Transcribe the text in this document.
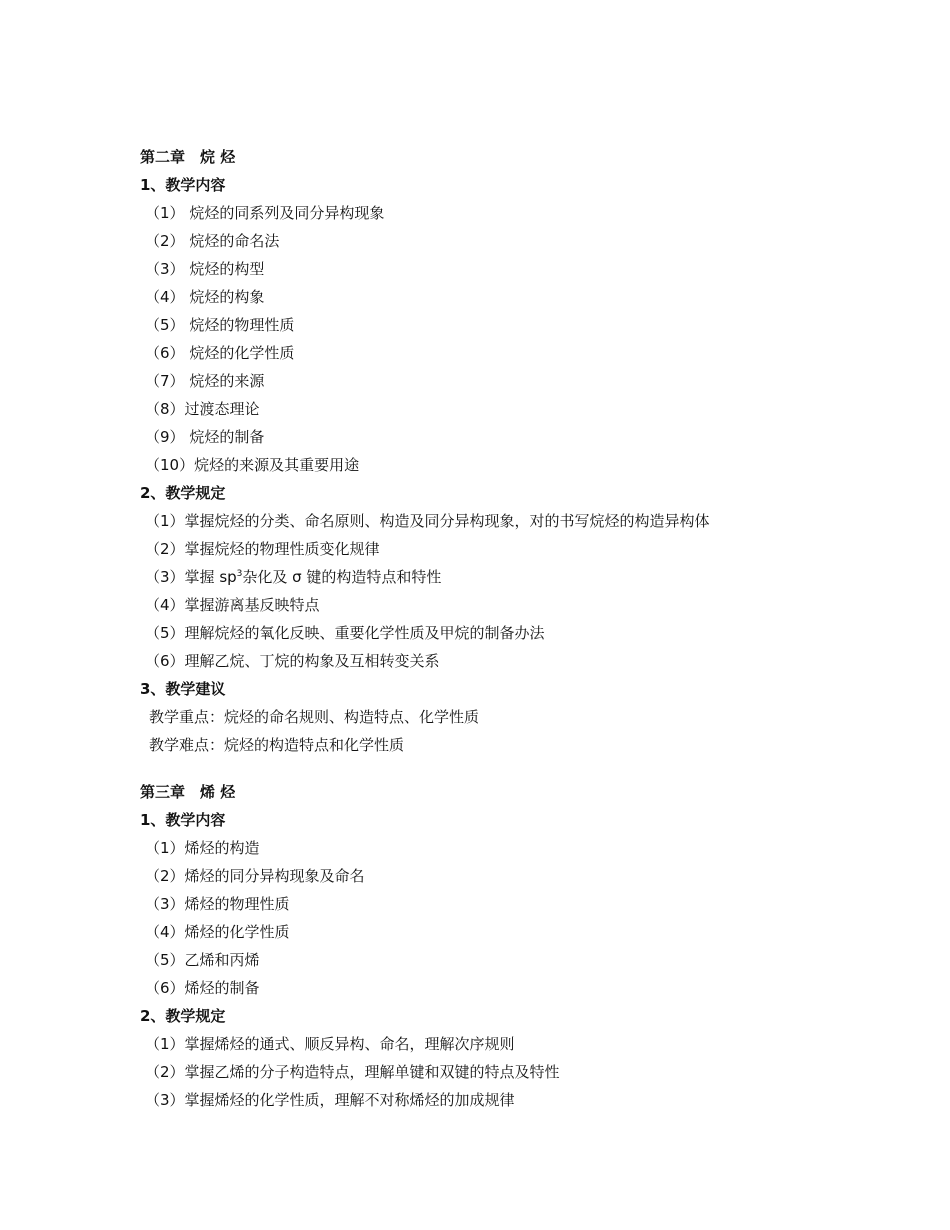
第二章　烷 烃
1、教学内容
（1） 烷烃的同系列及同分异构现象
（2） 烷烃的命名法
（3） 烷烃的构型
（4） 烷烃的构象
（5） 烷烃的物理性质
（6） 烷烃的化学性质
（7） 烷烃的来源
（8）过渡态理论
（9） 烷烃的制备
（10）烷烃的来源及其重要用途
2、教学规定
（1）掌握烷烃的分类、命名原则、构造及同分异构现象，对的书写烷烃的构造异构体
（2）掌握烷烃的物理性质变化规律
（3）掌握 $sp^3$杂化及 σ 键的构造特点和特性
（4）掌握游离基反映特点
（5）理解烷烃的氧化反映、重要化学性质及甲烷的制备办法
（6）理解乙烷、丁烷的构象及互相转变关系
3、教学建议
教学重点：烷烃的命名规则、构造特点、化学性质
教学难点：烷烃的构造特点和化学性质
第三章　烯 烃
1、教学内容
（1）烯烃的构造
（2）烯烃的同分异构现象及命名
（3）烯烃的物理性质
（4）烯烃的化学性质
（5）乙烯和丙烯
（6）烯烃的制备
2、教学规定
（1）掌握烯烃的通式、顺反异构、命名，理解次序规则
（2）掌握乙烯的分子构造特点，理解单键和双键的特点及特性
（3）掌握烯烃的化学性质，理解不对称烯烃的加成规律
